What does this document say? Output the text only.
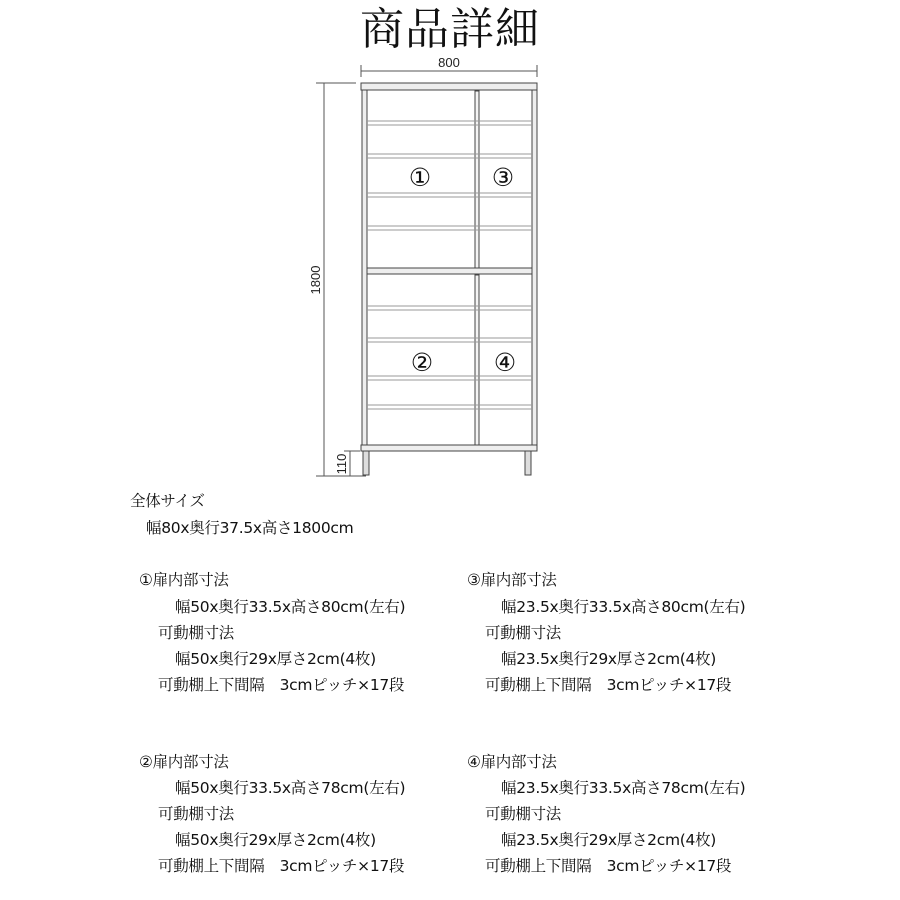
商品詳細
800
1800
110
①
②
③
④
全体サイズ
幅80x奥行37.5x高さ1800cm
①扉内部寸法
幅50x奥行33.5x高さ80cm(左右)
可動棚寸法
幅50x奥行29x厚さ2cm(4枚)
可動棚上下間隔　3cmピッチ×17段
③扉内部寸法
幅23.5x奥行33.5x高さ80cm(左右)
可動棚寸法
幅23.5x奥行29x厚さ2cm(4枚)
可動棚上下間隔　3cmピッチ×17段
②扉内部寸法
幅50x奥行33.5x高さ78cm(左右)
可動棚寸法
幅50x奥行29x厚さ2cm(4枚)
可動棚上下間隔　3cmピッチ×17段
④扉内部寸法
幅23.5x奥行33.5x高さ78cm(左右)
可動棚寸法
幅23.5x奥行29x厚さ2cm(4枚)
可動棚上下間隔　3cmピッチ×17段
